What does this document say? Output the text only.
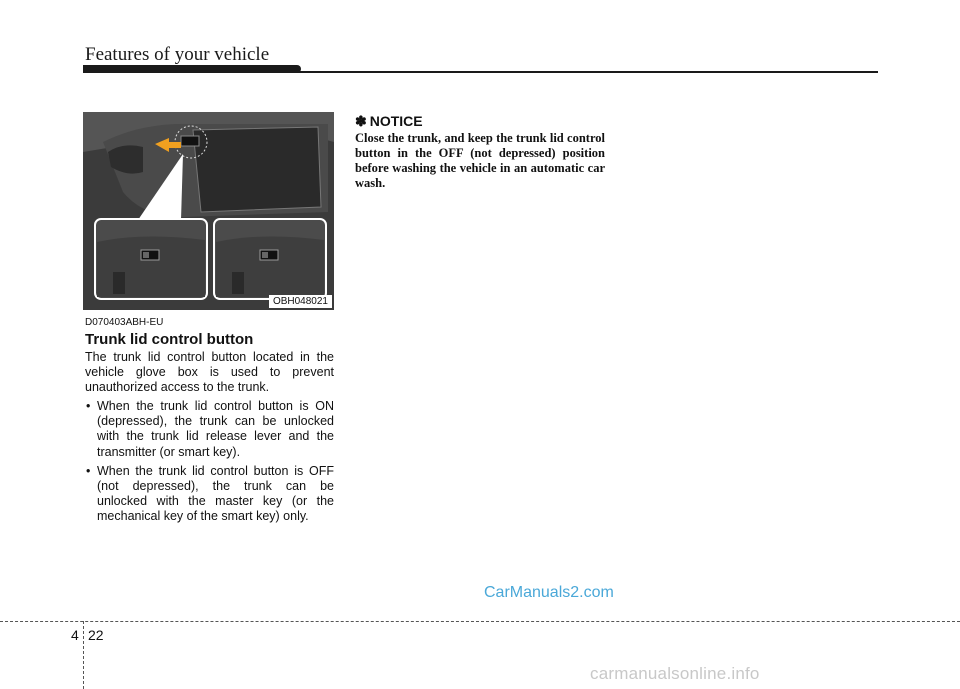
Features of your vehicle
OBH048021
D070403ABH-EU
Trunk lid control button
The trunk lid control button located in the vehicle glove box is used to prevent unauthorized access to the trunk.
• When the trunk lid control button is ON (depressed), the trunk can be unlocked with the trunk lid release lever and the transmitter (or smart key).
• When the trunk lid control button is OFF (not depressed), the trunk can be unlocked with the master key (or the mechanical key of the smart key) only.
✽ NOTICE
Close the trunk, and keep the trunk lid control button in the OFF (not depressed) position before washing the vehicle in an automatic car wash.
CarManuals2.com
4 22
carmanualsonline.info
